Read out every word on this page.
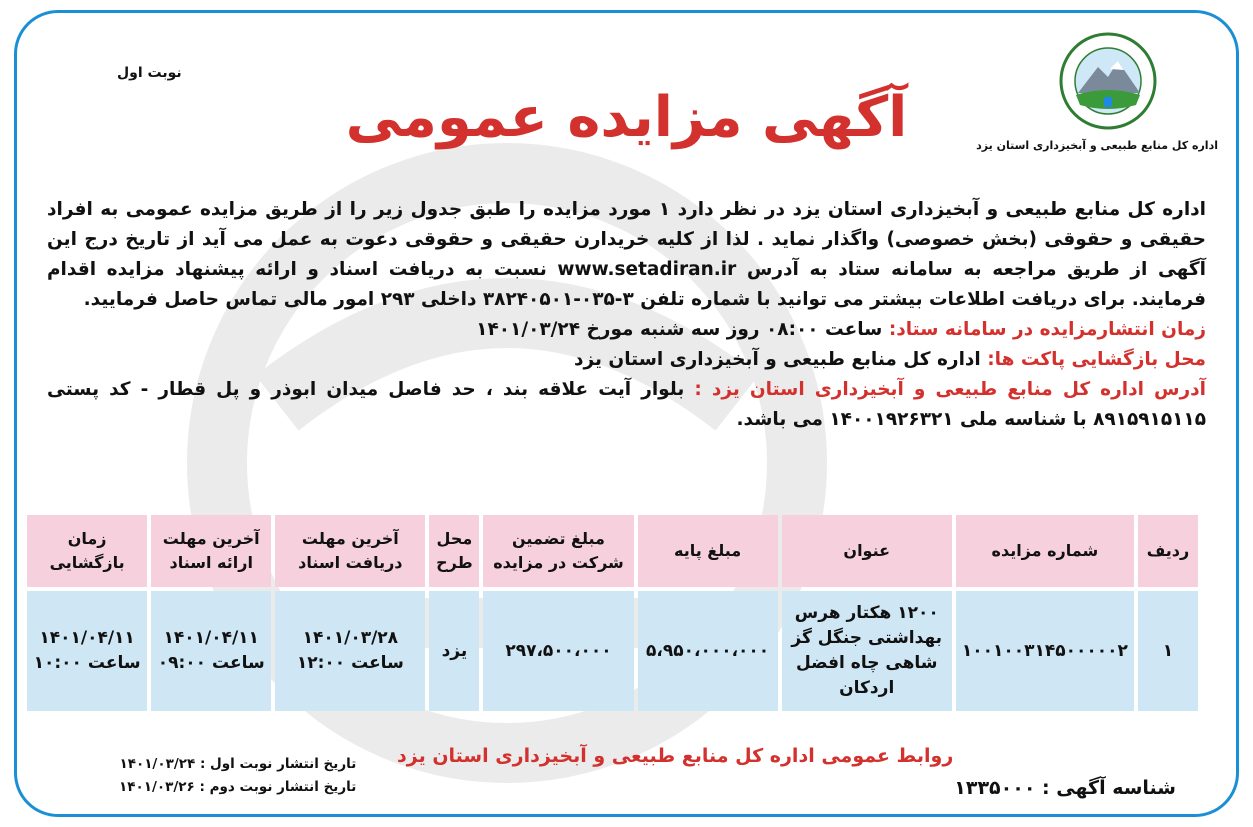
اداره کل منابع طبیعی و آبخیزداری استان یزد
نوبت اول
آگهی مزایده عمومی
اداره کل منابع طبیعی و آبخیزداری استان یزد در نظر دارد ۱ مورد مزایده را طبق جدول زیر را از طریق مزایده عمومی به افراد حقیقی و حقوقی (بخش خصوصی) واگذار نماید . لذا از کلیه خریدارن حقیقی و حقوقی دعوت به عمل می آید از تاریخ درج این آگهی از طریق مراجعه به سامانه ستاد به آدرس www.setadiran.ir نسبت به دریافت اسناد و ارائه پیشنهاد مزایده اقدام فرمایند. برای دریافت اطلاعات بیشتر می توانید با شماره تلفن ۳-۰۳۵-۳۸۲۴۰۵۰۱ داخلی ۲۹۳ امور مالی تماس حاصل فرمایید.
زمان انتشارمزایده در سامانه ستاد: ساعت ۰۸:۰۰ روز سه شنبه مورخ ۱۴۰۱/۰۳/۲۴
محل بازگشایی پاکت ها: اداره کل منابع طبیعی و آبخیزداری استان یزد
آدرس اداره کل منابع طبیعی و آبخیزداری استان یزد : بلوار آیت علاقه بند ، حد فاصل میدان ابوذر و پل قطار - کد پستی ۸۹۱۵۹۱۵۱۱۵ با شناسه ملی ۱۴۰۰۱۹۲۶۳۲۱ می باشد.
ردیف	شماره مزایده	عنوان	مبلغ پایه	مبلغ تضمین شرکت در مزایده	محل طرح	آخرین مهلت دریافت اسناد	آخرین مهلت ارائه اسناد	زمان بازگشایی
۱	۱۰۰۱۰۰۳۱۴۵۰۰۰۰۰۲	۱۲۰۰ هکتار هرس بهداشتی جنگل گز شاهی چاه افضل اردکان	۵،۹۵۰،۰۰۰،۰۰۰	۲۹۷،۵۰۰،۰۰۰	یزد	۱۴۰۱/۰۳/۲۸ ساعت ۱۲:۰۰	۱۴۰۱/۰۴/۱۱ ساعت ۰۹:۰۰	۱۴۰۱/۰۴/۱۱ ساعت ۱۰:۰۰
روابط عمومی اداره کل منابع طبیعی و آبخیزداری استان یزد
تاریخ انتشار نوبت اول : ۱۴۰۱/۰۳/۲۴
تاریخ انتشار نوبت دوم : ۱۴۰۱/۰۳/۲۶	شناسه آگهی : ۱۳۳۵۰۰۰
